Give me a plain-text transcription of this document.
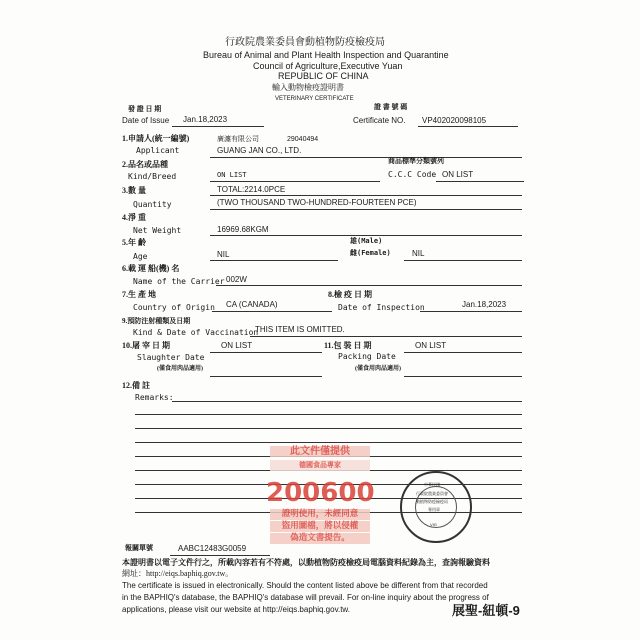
行政院農業委員會動植物防疫檢疫局
Bureau of Animal and Plant Health Inspection and Quarantine
Council of Agriculture,Executive Yuan
REPUBLIC OF CHINA
輸入動物檢疫證明書
VETERINARY CERTIFICATE
發 證 日 期
Date of Issue Jan.18,2023
證 書 號 碼
Certificate NO. VP402020098105
1.申請人(統一編號)
Applicant
廣瀍有限公司	29040494
GUANG JAN CO., LTD.
2.品名或品種
Kind/Breed	ON LIST
商品標準分類號列
C.C.C Code ON LIST
3.數 量
Quantity
TOTAL:2214.0PCE
(TWO THOUSAND TWO-HUNDRED-FOURTEEN PCE)
4.淨 重
Net Weight	16969.68KGM
5.年 齡
Age	NIL
雄(Male)
雌(Female)	NIL
6.載 運 船(機) 名
Name of the Carrier 002W
7.生 產 地
Country of Origin CA (CANADA)
8.檢 疫 日 期
Date of Inspection	Jan.18,2023
9.預防注射種類及日期
Kind & Date of Vaccination
THIS ITEM IS OMITTED.
10.屠 宰 日 期
Slaughter Date
ON LIST
(僅食用肉品適用)
11.包 裝 日 期
Packing Date
ON LIST
(僅食用肉品適用)
12.備 註
Remarks:
此文件僅提供
德國食品專家
200600
證明使用，未經同意
盜用圖檔，將以侵權
偽造文書提告。
中華民國
行政院農業委員會
動植物防疫檢疫局
專用章
VIG
報關單號	AABC12483G0059
本證明書以電子文件行之，所載內容若有不符處，以動植物防疫檢疫局電腦資料紀錄為主，查詢報驗資料
網址：http://eiqs.baphiq.gov.tw。
The certificate is issued in electronically. Should the content listed above be different from that recorded
in the BAPHIQ's database, the BAPHIQ's database will prevail. For on-line inquiry about the progress of
applications, please visit our website at http://eiqs.baphiq.gov.tw.	展聖-紐頓-9
